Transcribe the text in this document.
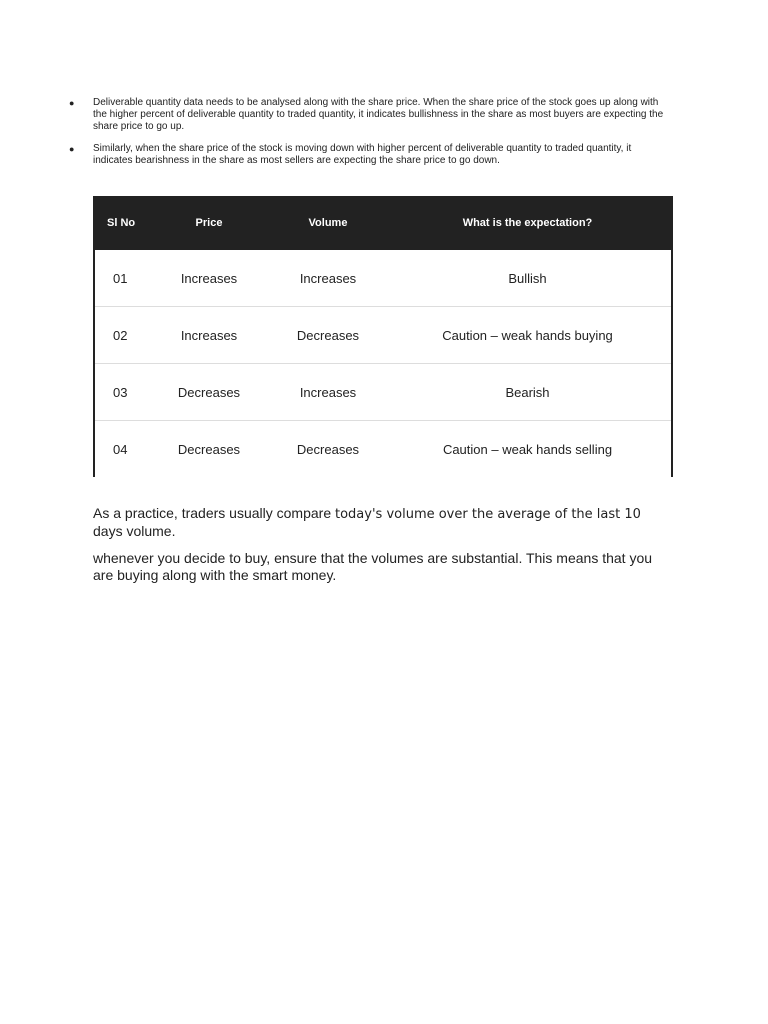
● Deliverable quantity data needs to be analysed along with the share price. When the share price of the stock goes up along with the higher percent of deliverable quantity to traded quantity, it indicates bullishness in the share as most buyers are expecting the share price to go up.
● Similarly, when the share price of the stock is moving down with higher percent of deliverable quantity to traded quantity, it indicates bearishness in the share as most sellers are expecting the share price to go down.
Sl No	Price	Volume	What is the expectation?
01	Increases	Increases	Bullish
02	Increases	Decreases	Caution – weak hands buying
03	Decreases	Increases	Bearish
04	Decreases	Decreases	Caution – weak hands selling

As a practice, traders usually compare today's volume over the average of the last 10 days volume.

whenever you decide to buy, ensure that the volumes are substantial. This means that you are buying along with the smart money.
